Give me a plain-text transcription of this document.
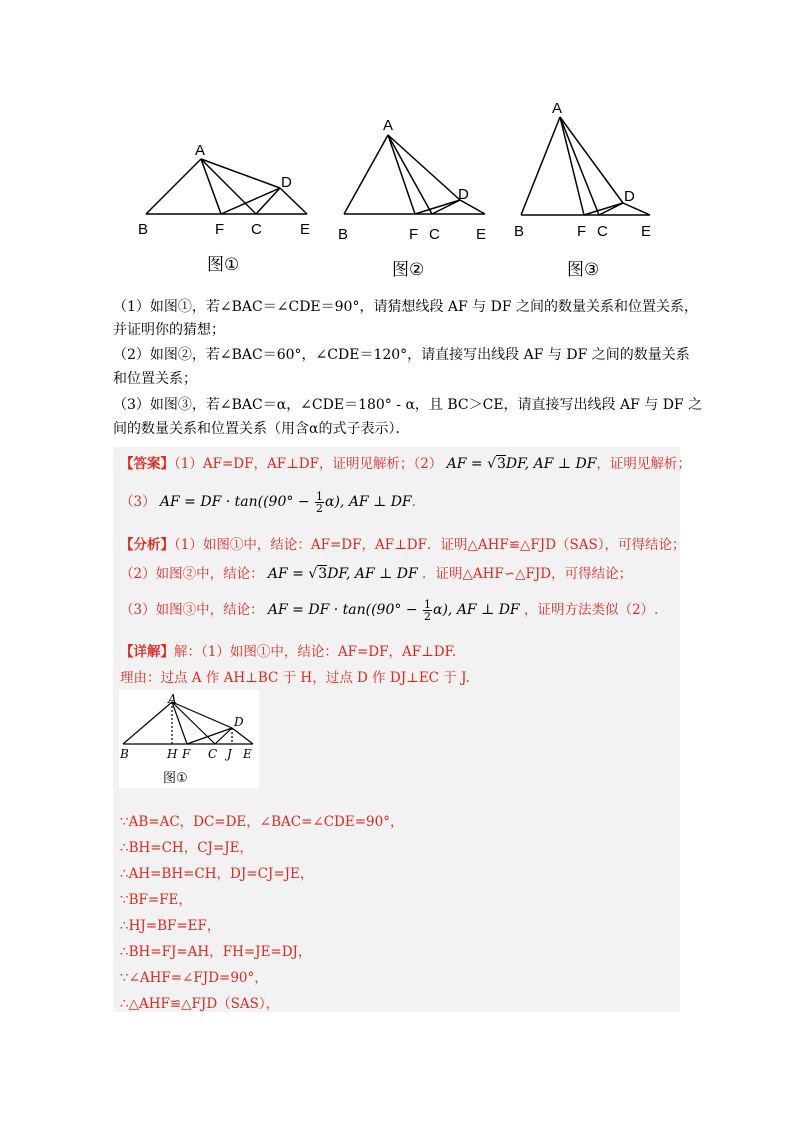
A
B	F C	E
D
图①
A
B	F C E
D
图②
A
B	F C E
D
图③
（1）如图①，若∠BAC＝∠CDE＝90°，请猜想线段 AF 与 DF 之间的数量关系和位置关系，
并证明你的猜想；
（2）如图②，若∠BAC＝60°，∠CDE＝120°，请直接写出线段 AF 与 DF 之间的数量关系
和位置关系；
（3）如图③，若∠BAC＝α，∠CDE＝180° - α，且 BC＞CE，请直接写出线段 AF 与 DF 之
间的数量关系和位置关系（用含α的式子表示）．
【答案】（1）AF=DF，AF⊥DF，证明见解析；（2） AF = √3DF, AF ⊥ DF，证明见解析；
（3） AF = DF · $\tan((90^\circ - \frac{1}{2} \alpha)$, AF ⊥ DF.
【分析】（1）如图①中，结论：AF=DF，AF⊥DF．证明△AHF≌△FJD（SAS），可得结论；
（2）如图②中，结论： AF = √3DF, AF ⊥ DF ．证明△AHF∽△FJD，可得结论；
（3）如图③中，结论： AF = DF · $\tan((90^\circ - \frac{1}{2} \alpha)$, AF ⊥ DF ，证明方法类似（2）.
【详解】解：（1）如图①中，结论：AF=DF，AF⊥DF.
理由：过点 A 作 AH⊥BC 于 H，过点 D 作 DJ⊥EC 于 J.
A
B	H F C J E
D
图①
∵AB=AC，DC=DE，∠BAC=∠CDE=90°，
∴BH=CH，CJ=JE，
∴AH=BH=CH，DJ=CJ=JE，
∵BF=FE，
∴HJ=BF=EF，
∴BH=FJ=AH，FH=JE=DJ，
∵∠AHF=∠FJD=90°，
∴△AHF≌△FJD（SAS），
